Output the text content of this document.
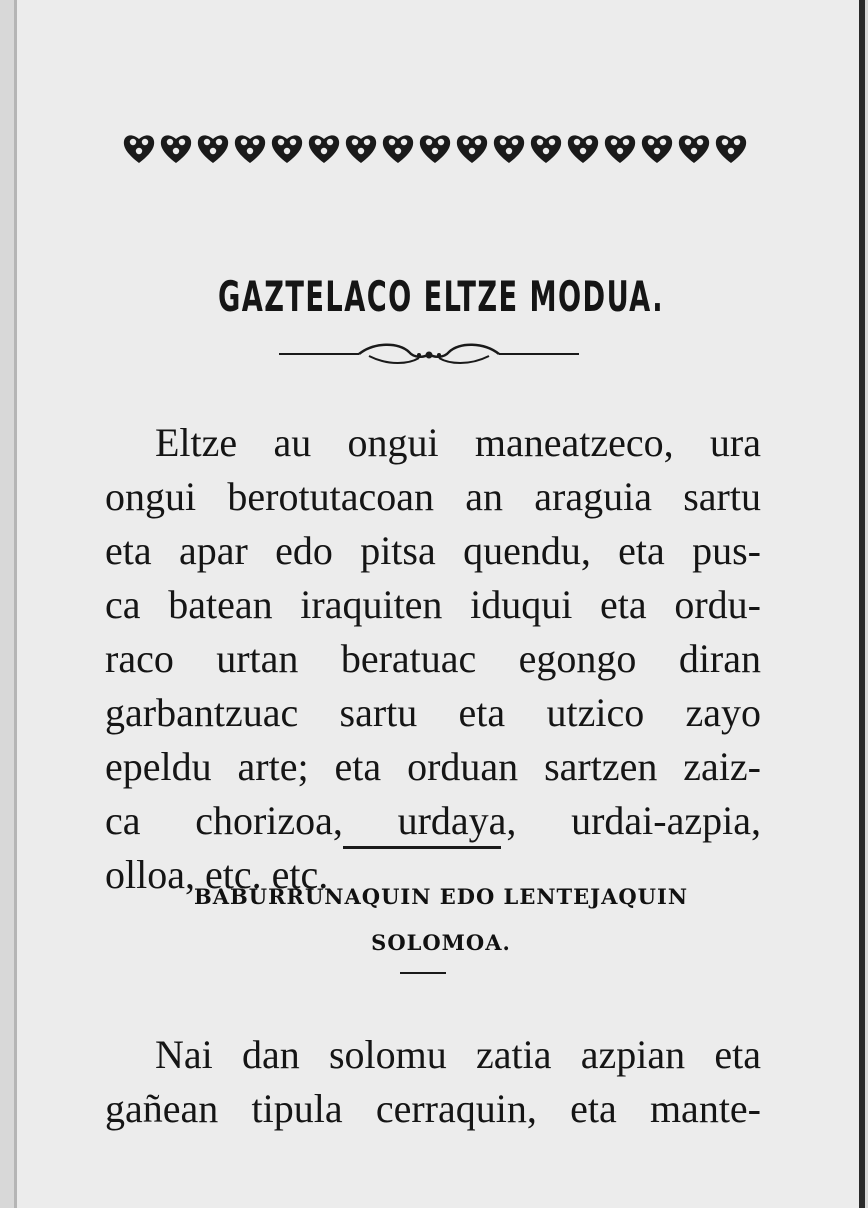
GAZTELACO ELTZE MODUA.
Eltze au ongui maneatzeco, ura
ongui berotutacoan an araguia sartu
eta apar edo pitsa quendu, eta pus-
ca batean iraquiten iduqui eta ordu-
raco urtan beratuac egongo diran
garbantzuac sartu eta utzico zayo
epeldu arte; eta orduan sartzen zaiz-
ca chorizoa, urdaya, urdai-azpia,
olloa, etc. etc.
BABURRUNAQUIN EDO LENTEJAQUIN
SOLOMOA.
Nai dan solomu zatia azpian eta
gañean tipula cerraquin, eta mante-
